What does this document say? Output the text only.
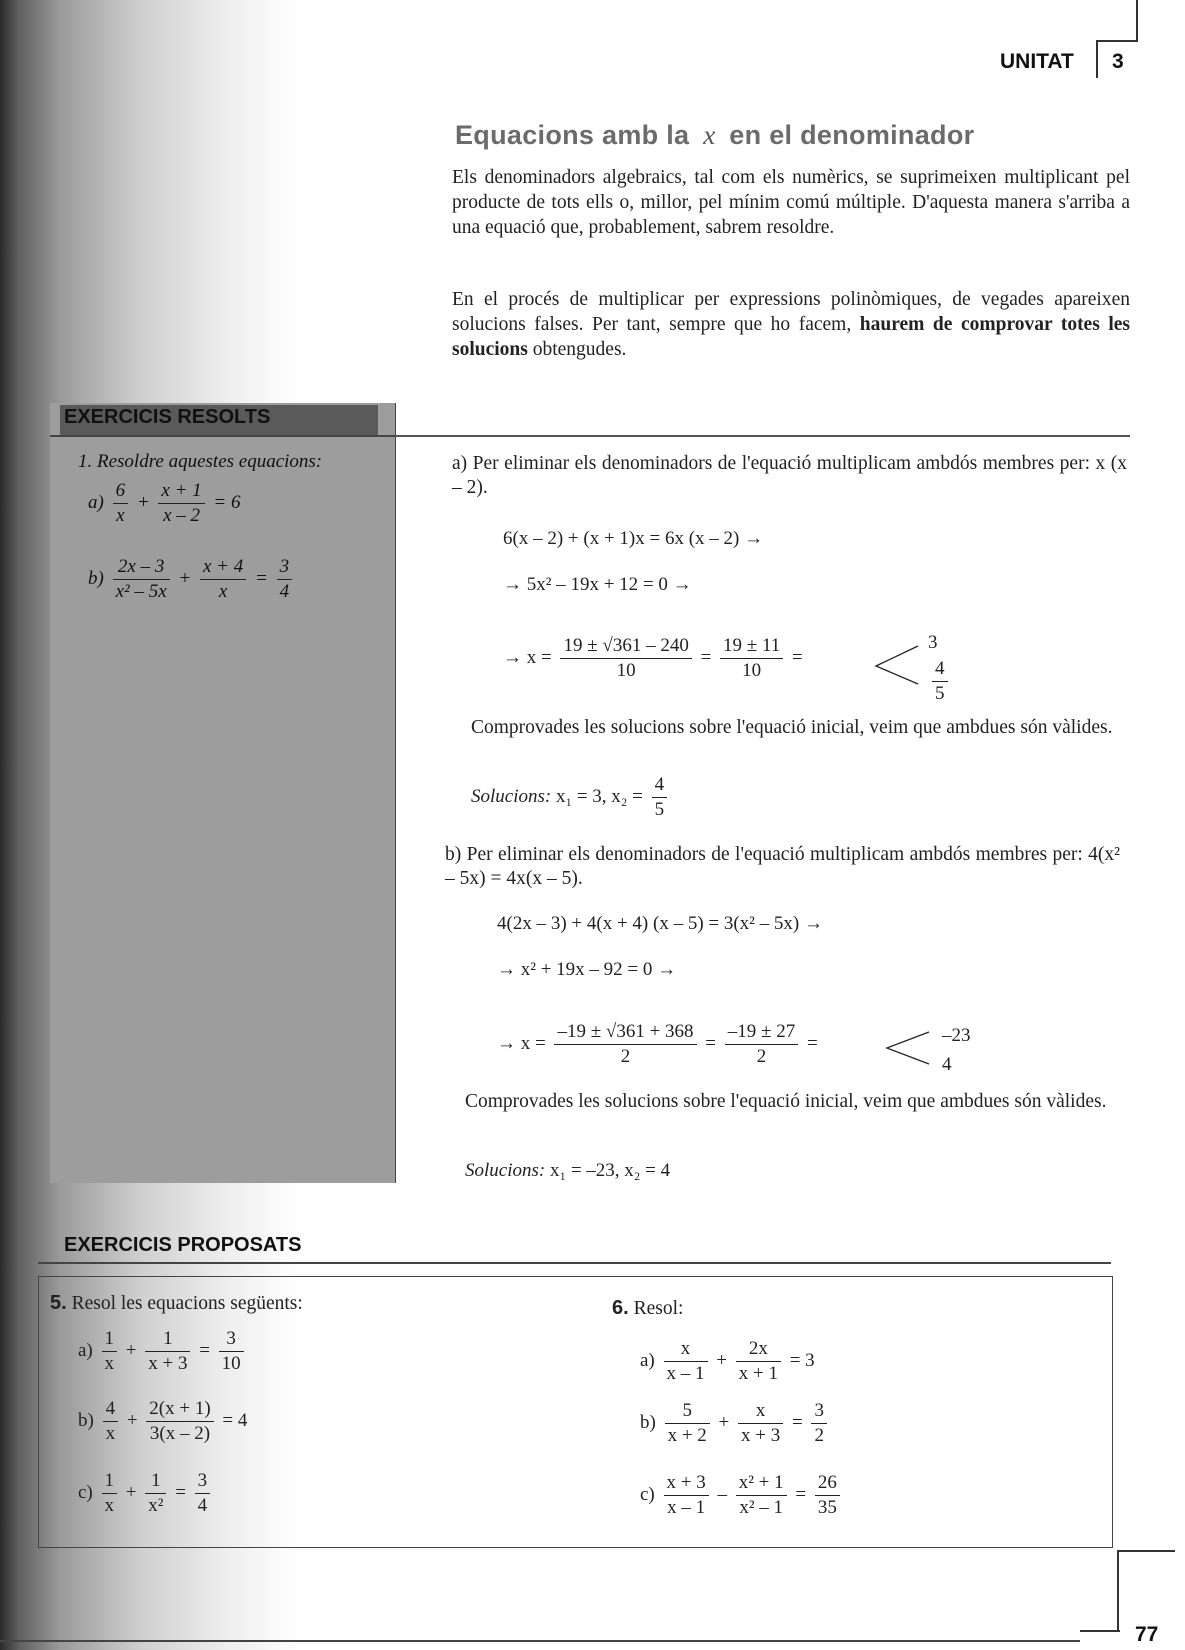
UNITAT 3
Equacions amb la x en el denominador
Els denominadors algebraics, tal com els numèrics, se suprimeixen multiplicant pel producte de tots ells o, millor, pel mínim comú múltiple. D'aquesta manera s'arriba a una equació que, probablement, sabrem resoldre.
En el procés de multiplicar per expressions polinòmiques, de vegades apareixen solucions falses. Per tant, sempre que ho facem, haurem de comprovar totes les solucions obtengudes.
EXERCICIS RESOLTS
1. Resoldre aquestes equacions:
$a) \frac{6}{x} + \frac{x + 1}{x - 2} = 6$
$b) \frac{2x - 3}{\text{x² – 5x}} + \frac{x + 4}{x} = \frac{3}{4}$
a) Per eliminar els denominadors de l'equació multiplicam ambdós membres per: x (x – 2).
6(x – 2) + (x + 1)x = 6x (x – 2) →
→ 5x² – 19x + 12 = 0 →
→ $x = \frac{19 \pm √361 - 240}{10} = \frac{19 \pm 11}{10}$ =
3
$\frac{4}{5}$
Comprovades les solucions sobre l'equació inicial, veim que ambdues són vàlides.
Solucions: x₁ = 3, $x_2 = \frac{4}{5}$
b) Per eliminar els denominadors de l'equació multiplicam ambdós membres per: 4(x² – 5x) = 4x(x – 5).
4(2x – 3) + 4(x + 4) (x – 5) = 3(x² – 5x) →
→ x² + 19x – 92 = 0 →
→ $x = \frac{-19 \pm √361 + 368}{2} = \frac{-19 \pm 27}{2}$ =	–23
4
Comprovades les solucions sobre l'equació inicial, veim que ambdues són vàlides.
Solucions: x₁ = –23, x₂ = 4
EXERCICIS PROPOSATS
5. Resol les equacions següents:
$a) \frac{1}{x} + \frac{1}{x + 3} = \frac{3}{10}$
$b) \frac{4}{x} + \frac{2(x + 1)}{3(x - 2)} = 4$
$c) \frac{1}{x} + \frac{1}{\text{x²}} = \frac{3}{4}$
6. Resol:
$a) \frac{x}{x - 1} + \frac{2x}{x + 1} = 3$
$b) \frac{5}{x + 2} + \frac{x}{x + 3} = \frac{3}{2}$
$c) \frac{x + 3}{x - 1} - \frac{\text{x² + 1}}{\text{x² – 1}} = \frac{26}{35}$
77
